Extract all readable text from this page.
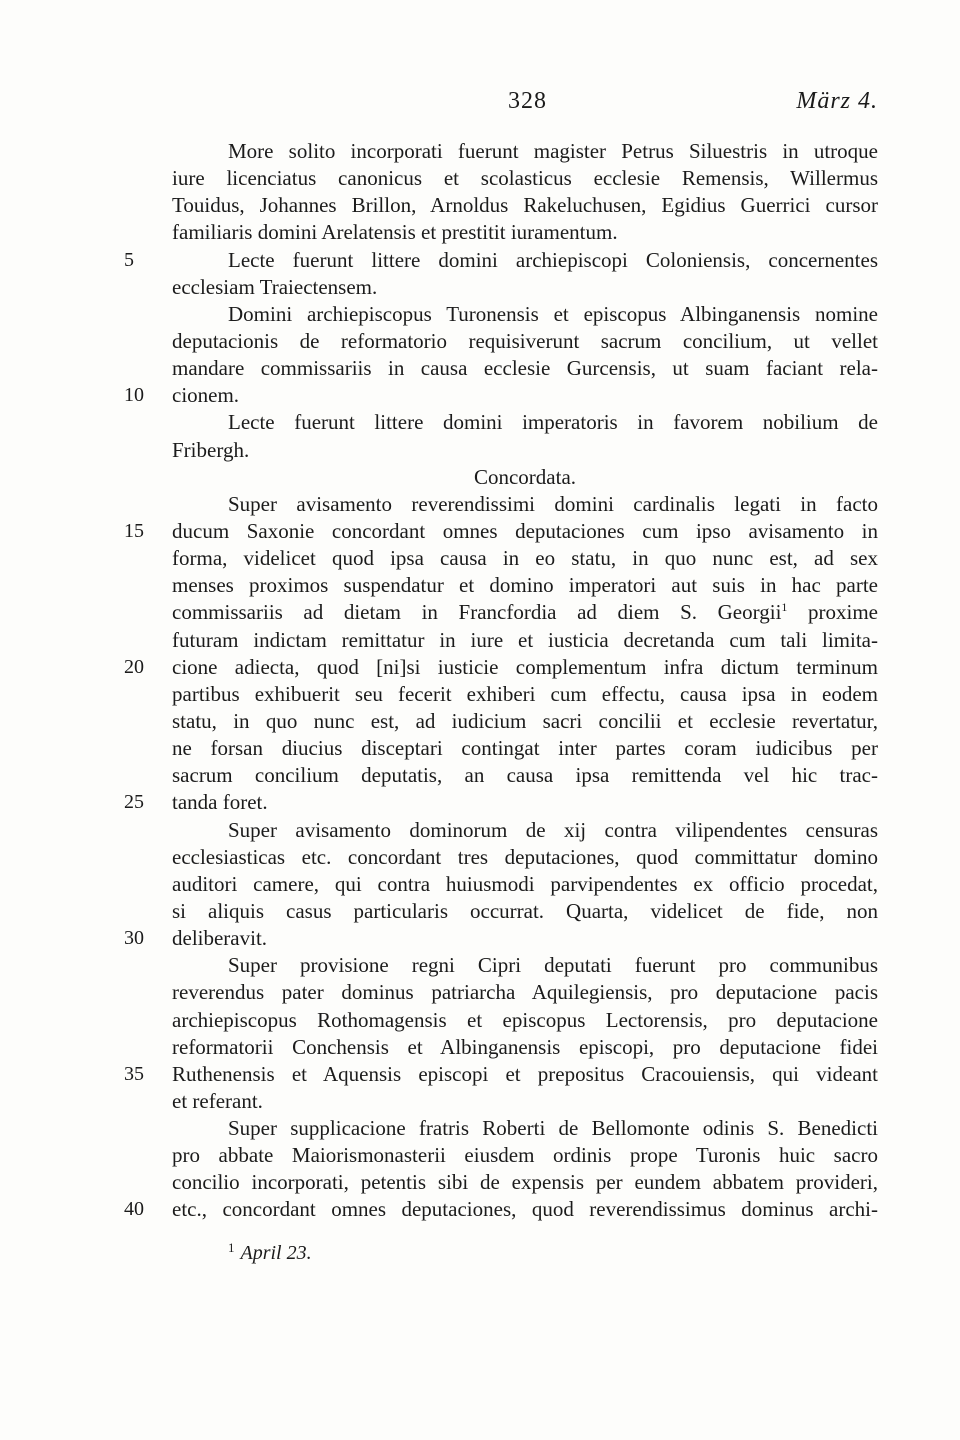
328	März 4.
More solito incorporati fuerunt magister Petrus Siluestris in utroque
iure licenciatus canonicus et scolasticus ecclesie Remensis, Willermus
Touidus, Johannes Brillon, Arnoldus Rakeluchusen, Egidius Guerrici cursor
familiaris domini Arelatensis et prestitit iuramentum.
5	Lecte fuerunt littere domini archiepiscopi Coloniensis, concernentes
ecclesiam Traiectensem.
Domini archiepiscopus Turonensis et episcopus Albinganensis nomine
deputacionis de reformatorio requisiverunt sacrum concilium, ut vellet
mandare commissariis in causa ecclesie Gurcensis, ut suam faciant rela-
10	cionem.
Lecte fuerunt littere domini imperatoris in favorem nobilium de
Fribergh.
Concordata.
Super avisamento reverendissimi domini cardinalis legati in facto
15	ducum Saxonie concordant omnes deputaciones cum ipso avisamento in
forma, videlicet quod ipsa causa in eo statu, in quo nunc est, ad sex
menses proximos suspendatur et domino imperatori aut suis in hac parte
commissariis ad dietam in Francfordia ad diem S. Georgii$^1$ proxime
futuram indictam remittatur in iure et iusticia decretanda cum tali limita-
20	cione adiecta, quod [ni]si iusticie complementum infra dictum terminum
partibus exhibuerit seu fecerit exhiberi cum effectu, causa ipsa in eodem
statu, in quo nunc est, ad iudicium sacri concilii et ecclesie revertatur,
ne forsan diucius disceptari contingat inter partes coram iudicibus per
sacrum concilium deputatis, an causa ipsa remittenda vel hic trac-
25	tanda foret.
Super avisamento dominorum de xij contra vilipendentes censuras
ecclesiasticas etc. concordant tres deputaciones, quod committatur domino
auditori camere, qui contra huiusmodi parvipendentes ex officio procedat,
si aliquis casus particularis occurrat. Quarta, videlicet de fide, non
30	deliberavit.
Super provisione regni Cipri deputati fuerunt pro communibus
reverendus pater dominus patriarcha Aquilegiensis, pro deputacione pacis
archiepiscopus Rothomagensis et episcopus Lectorensis, pro deputacione
reformatorii Conchensis et Albinganensis episcopi, pro deputacione fidei
35	Ruthenensis et Aquensis episcopi et prepositus Cracouiensis, qui videant
et referant.
Super supplicacione fratris Roberti de Bellomonte odinis S. Benedicti
pro abbate Maiorismonasterii eiusdem ordinis prope Turonis huic sacro
concilio incorporati, petentis sibi de expensis per eundem abbatem provideri,
40	etc., concordant omnes deputaciones, quod reverendissimus dominus archi-
$^1$ April 23.
